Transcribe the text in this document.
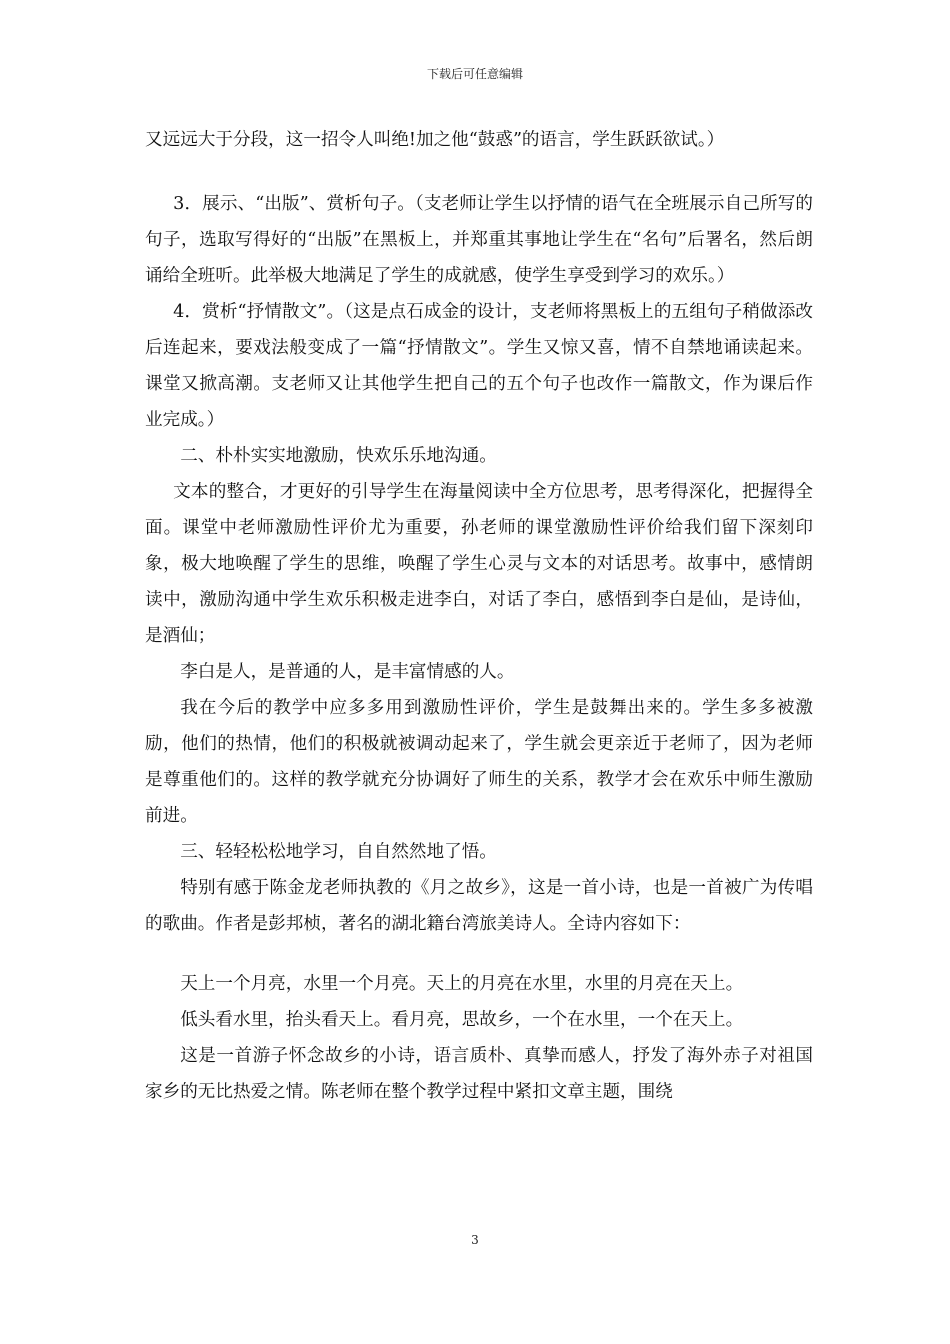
下载后可任意编辑

又远远大于分段，这一招令人叫绝!加之他“鼓惑”的语言，学生跃跃欲试。）

3．展示、“出版”、赏析句子。（支老师让学生以抒情的语气在全班展示自己所写的句子，选取写得好的“出版”在黑板上，并郑重其事地让学生在“名句”后署名，然后朗诵给全班听。此举极大地满足了学生的成就感，使学生享受到学习的欢乐。）

4．赏析“抒情散文”。（这是点石成金的设计，支老师将黑板上的五组句子稍做添改后连起来，要戏法般变成了一篇“抒情散文”。学生又惊又喜，情不自禁地诵读起来。课堂又掀高潮。支老师又让其他学生把自己的五个句子也改作一篇散文，作为课后作业完成。）

二、朴朴实实地激励，快欢乐乐地沟通。

文本的整合，才更好的引导学生在海量阅读中全方位思考，思考得深化，把握得全面。课堂中老师激励性评价尤为重要，孙老师的课堂激励性评价给我们留下深刻印象，极大地唤醒了学生的思维，唤醒了学生心灵与文本的对话思考。故事中，感情朗读中，激励沟通中学生欢乐积极走进李白，对话了李白，感悟到李白是仙，是诗仙，是酒仙；

李白是人，是普通的人，是丰富情感的人。

我在今后的教学中应多多用到激励性评价，学生是鼓舞出来的。学生多多被激励，他们的热情，他们的积极就被调动起来了，学生就会更亲近于老师了，因为老师是尊重他们的。这样的教学就充分协调好了师生的关系，教学才会在欢乐中师生激励前进。

三、轻轻松松地学习，自自然然地了悟。

特别有感于陈金龙老师执教的《月之故乡》，这是一首小诗，也是一首被广为传唱的歌曲。作者是彭邦桢，著名的湖北籍台湾旅美诗人。全诗内容如下：

天上一个月亮，水里一个月亮。天上的月亮在水里，水里的月亮在天上。

低头看水里，抬头看天上。看月亮，思故乡，一个在水里，一个在天上。

这是一首游子怀念故乡的小诗，语言质朴、真挚而感人，抒发了海外赤子对祖国家乡的无比热爱之情。陈老师在整个教学过程中紧扣文章主题，围绕

3
